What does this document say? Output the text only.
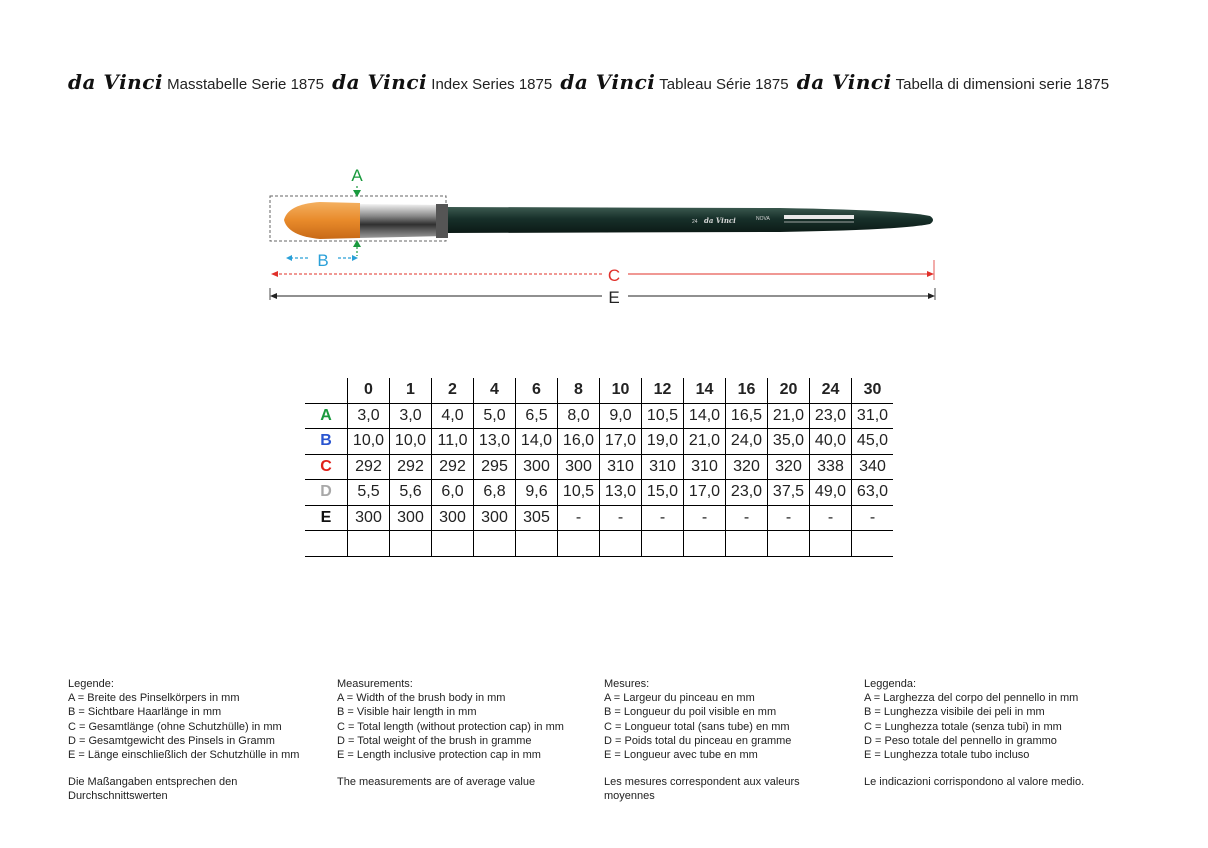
da Vinci Masstabelle Serie 1875 da Vinci Index Series 1875 da Vinci Tableau Série 1875 da Vinci Tabella di dimensioni serie 1875
da Vinci	NOVA
24
A
B
C
E
	0	1	2	4	6	8	10	12	14	16	20	24	30
A	3,0	3,0	4,0	5,0	6,5	8,0	9,0	10,5	14,0	16,5	21,0	23,0	31,0
B	10,0	10,0	11,0	13,0	14,0	16,0	17,0	19,0	21,0	24,0	35,0	40,0	45,0
C	292	292	292	295	300	300	310	310	310	320	320	338	340
D	5,5	5,6	6,0	6,8	9,6	10,5	13,0	15,0	17,0	23,0	37,5	49,0	63,0
E	300	300	300	300	305	-	-	-	-	-	-	-	-

Legende:
A = Breite des Pinselkörpers in mm
B = Sichtbare Haarlänge in mm
C = Gesamtlänge (ohne Schutzhülle) in mm
D = Gesamtgewicht des Pinsels in Gramm
E = Länge einschließlich der Schutzhülle in mm
Die Maßangaben entsprechen den Durchschnittswerten
Measurements:
A = Width of the brush body in mm
B = Visible hair length in mm
C = Total length (without protection cap) in mm
D = Total weight of the brush in gramme
E = Length inclusive protection cap in mm
The measurements are of average value
Mesures:
A = Largeur du pinceau en mm
B = Longueur du poil visible en mm
C = Longueur total (sans tube) en mm
D = Poids total du pinceau en gramme
E = Longueur avec tube en mm
Les mesures correspondent aux valeurs moyennes
Leggenda:
A = Larghezza del corpo del pennello in mm
B = Lunghezza visibile dei peli in mm
C = Lunghezza totale (senza tubi) in mm
D = Peso totale del pennello in grammo
E = Lunghezza totale tubo incluso
Le indicazioni corrispondono al valore medio.
